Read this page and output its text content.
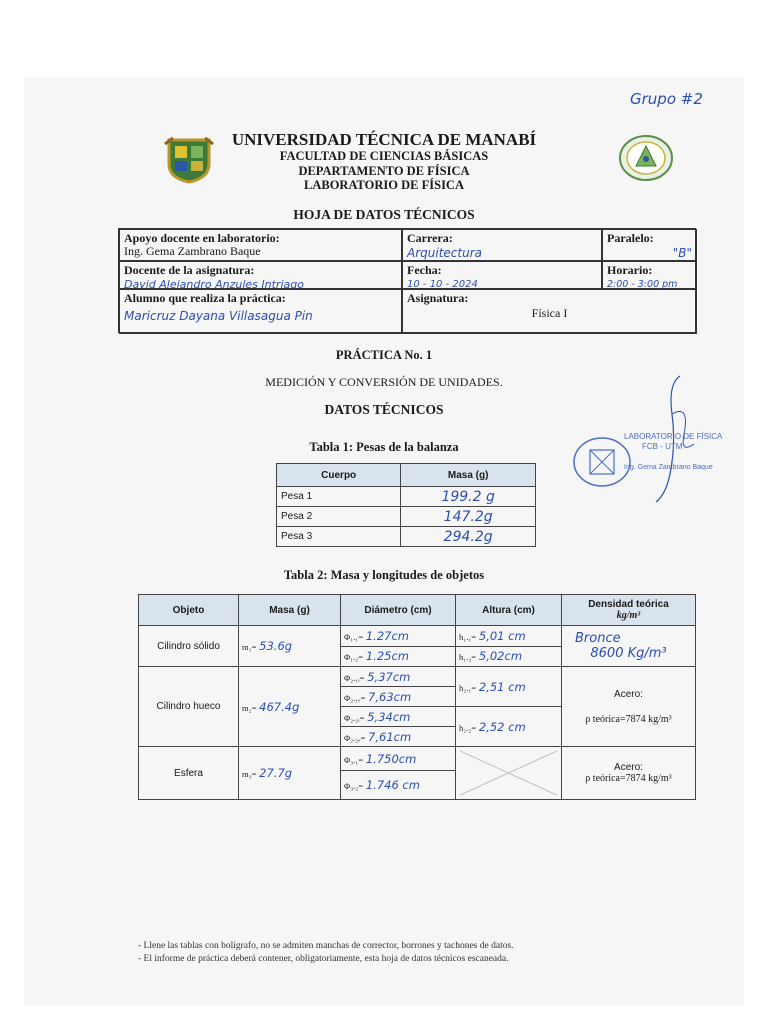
Grupo #2
UNIVERSIDAD TÉCNICA DE MANABÍ
FACULTAD DE CIENCIAS BÁSICAS
DEPARTAMENTO DE FÍSICA
LABORATORIO DE FÍSICA
HOJA DE DATOS TÉCNICOS
Apoyo docente en laboratorio:
Ing. Gema Zambrano Baque
Carrera:
Arquitectura
Paralelo:
"B"
Docente de la asignatura:
David Alejandro Anzules Intriago
Fecha:
10 - 10 - 2024
Horario:
2:00 - 3:00 pm
Alumno que realiza la práctica:
Maricruz Dayana Villasagua Pin
Asignatura:
Física I
PRÁCTICA No. 1
MEDICIÓN Y CONVERSIÓN DE UNIDADES.
DATOS TÉCNICOS
LABORATORIO DE FÍSICA
FCB - UTM
Ing. Gema Zambrano Baque
Tabla 1: Pesas de la balanza
Cuerpo	Masa (g)
Pesa 1	199.2 g
Pesa 2	147.2g
Pesa 3	294.2g
Tabla 2: Masa y longitudes de objetos
Objeto	Masa (g)	Diámetro (cm)	Altura (cm)	Densidad teórica
kg/m³

Cilindro sólido	m₁= 53.6g	Φ₁.₁= 1.27cm	h₁.₁= 5,01 cm	Bronce
8600 Kg/m³

		Φ₁.₂= 1.25cm	h₁.₂= 5,02cm	
Cilindro hueco	m₂= 467.4g	Φ₂.₁ᵢ= 5,37cm	h₂.₁= 2,51 cm	Acero:
ρ teórica=7874 kg/m³

		Φ₂.₁ₑ= 7,63cm		
		Φ₂.₂ᵢ= 5,34cm	h₂.₂= 2,52 cm	
		Φ₂.₂ₑ= 7,61cm		
Esfera	m₃= 27.7g	Φ₃.₁= 1.750cm		Acero:
ρ teórica=7874 kg/m³

		Φ₃.₂= 1.746 cm		
- Llene las tablas con bolígrafo, no se admiten manchas de corrector, borrones y tachones de datos.
- El informe de práctica deberá contener, obligatoriamente, esta hoja de datos técnicos escaneada.
